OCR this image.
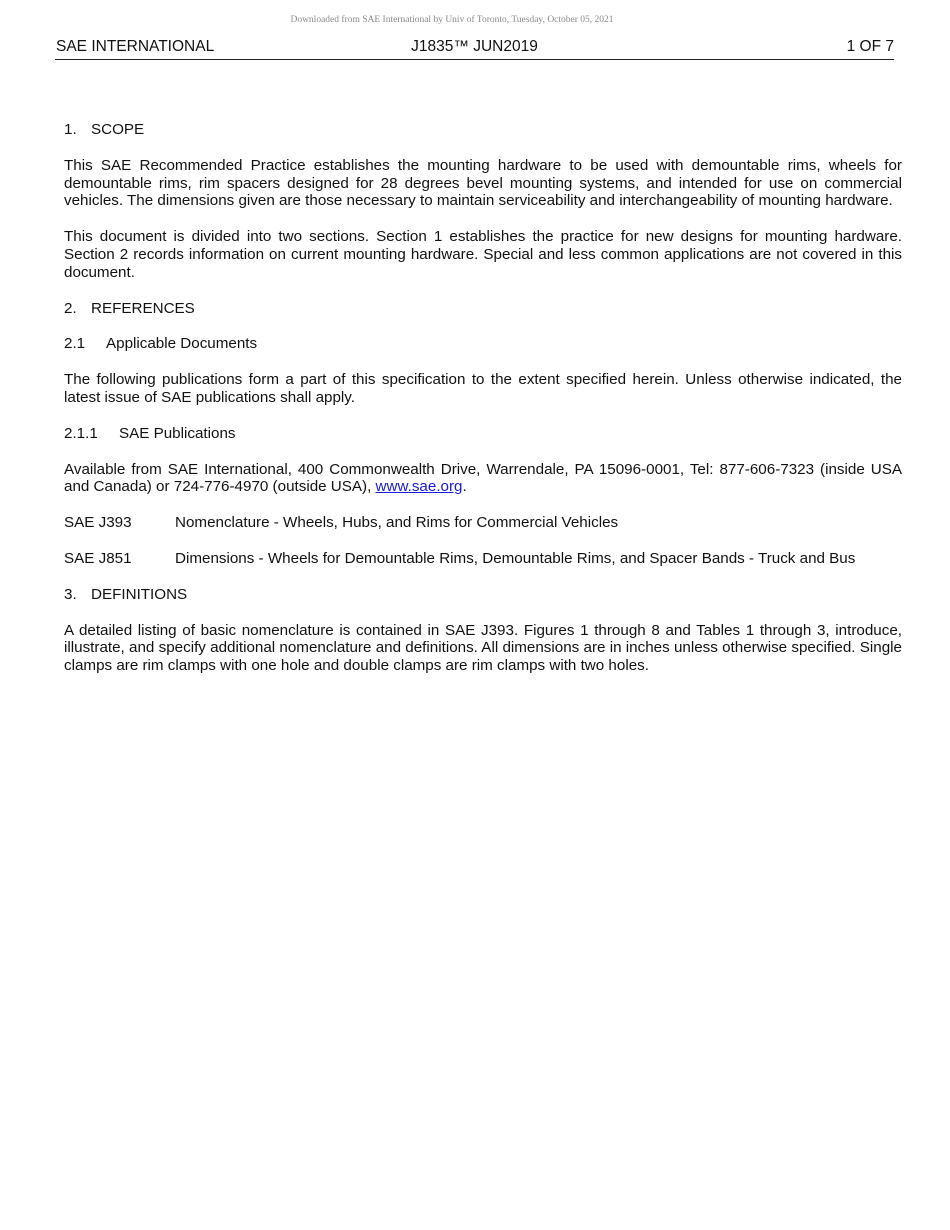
Downloaded from SAE International by Univ of Toronto, Tuesday, October 05, 2021
SAE INTERNATIONAL	J1835™ JUN2019	1 OF 7
1. SCOPE

This SAE Recommended Practice establishes the mounting hardware to be used with demountable rims, wheels for demountable rims, rim spacers designed for 28 degrees bevel mounting systems, and intended for use on commercial vehicles. The dimensions given are those necessary to maintain serviceability and interchangeability of mounting hardware.

This document is divided into two sections. Section 1 establishes the practice for new designs for mounting hardware. Section 2 records information on current mounting hardware. Special and less common applications are not covered in this document.

2. REFERENCES
2.1 Applicable Documents

The following publications form a part of this specification to the extent specified herein. Unless otherwise indicated, the latest issue of SAE publications shall apply.

2.1.1 SAE Publications

Available from SAE International, 400 Commonwealth Drive, Warrendale, PA 15096-0001, Tel: 877-606-7323 (inside USA and Canada) or 724-776-4970 (outside USA), www.sae.org.

SAE J393	Nomenclature - Wheels, Hubs, and Rims for Commercial Vehicles
SAE J851	Dimensions - Wheels for Demountable Rims, Demountable Rims, and Spacer Bands - Truck and Bus
3. DEFINITIONS

A detailed listing of basic nomenclature is contained in SAE J393. Figures 1 through 8 and Tables 1 through 3, introduce, illustrate, and specify additional nomenclature and definitions. All dimensions are in inches unless otherwise specified. Single clamps are rim clamps with one hole and double clamps are rim clamps with two holes.
